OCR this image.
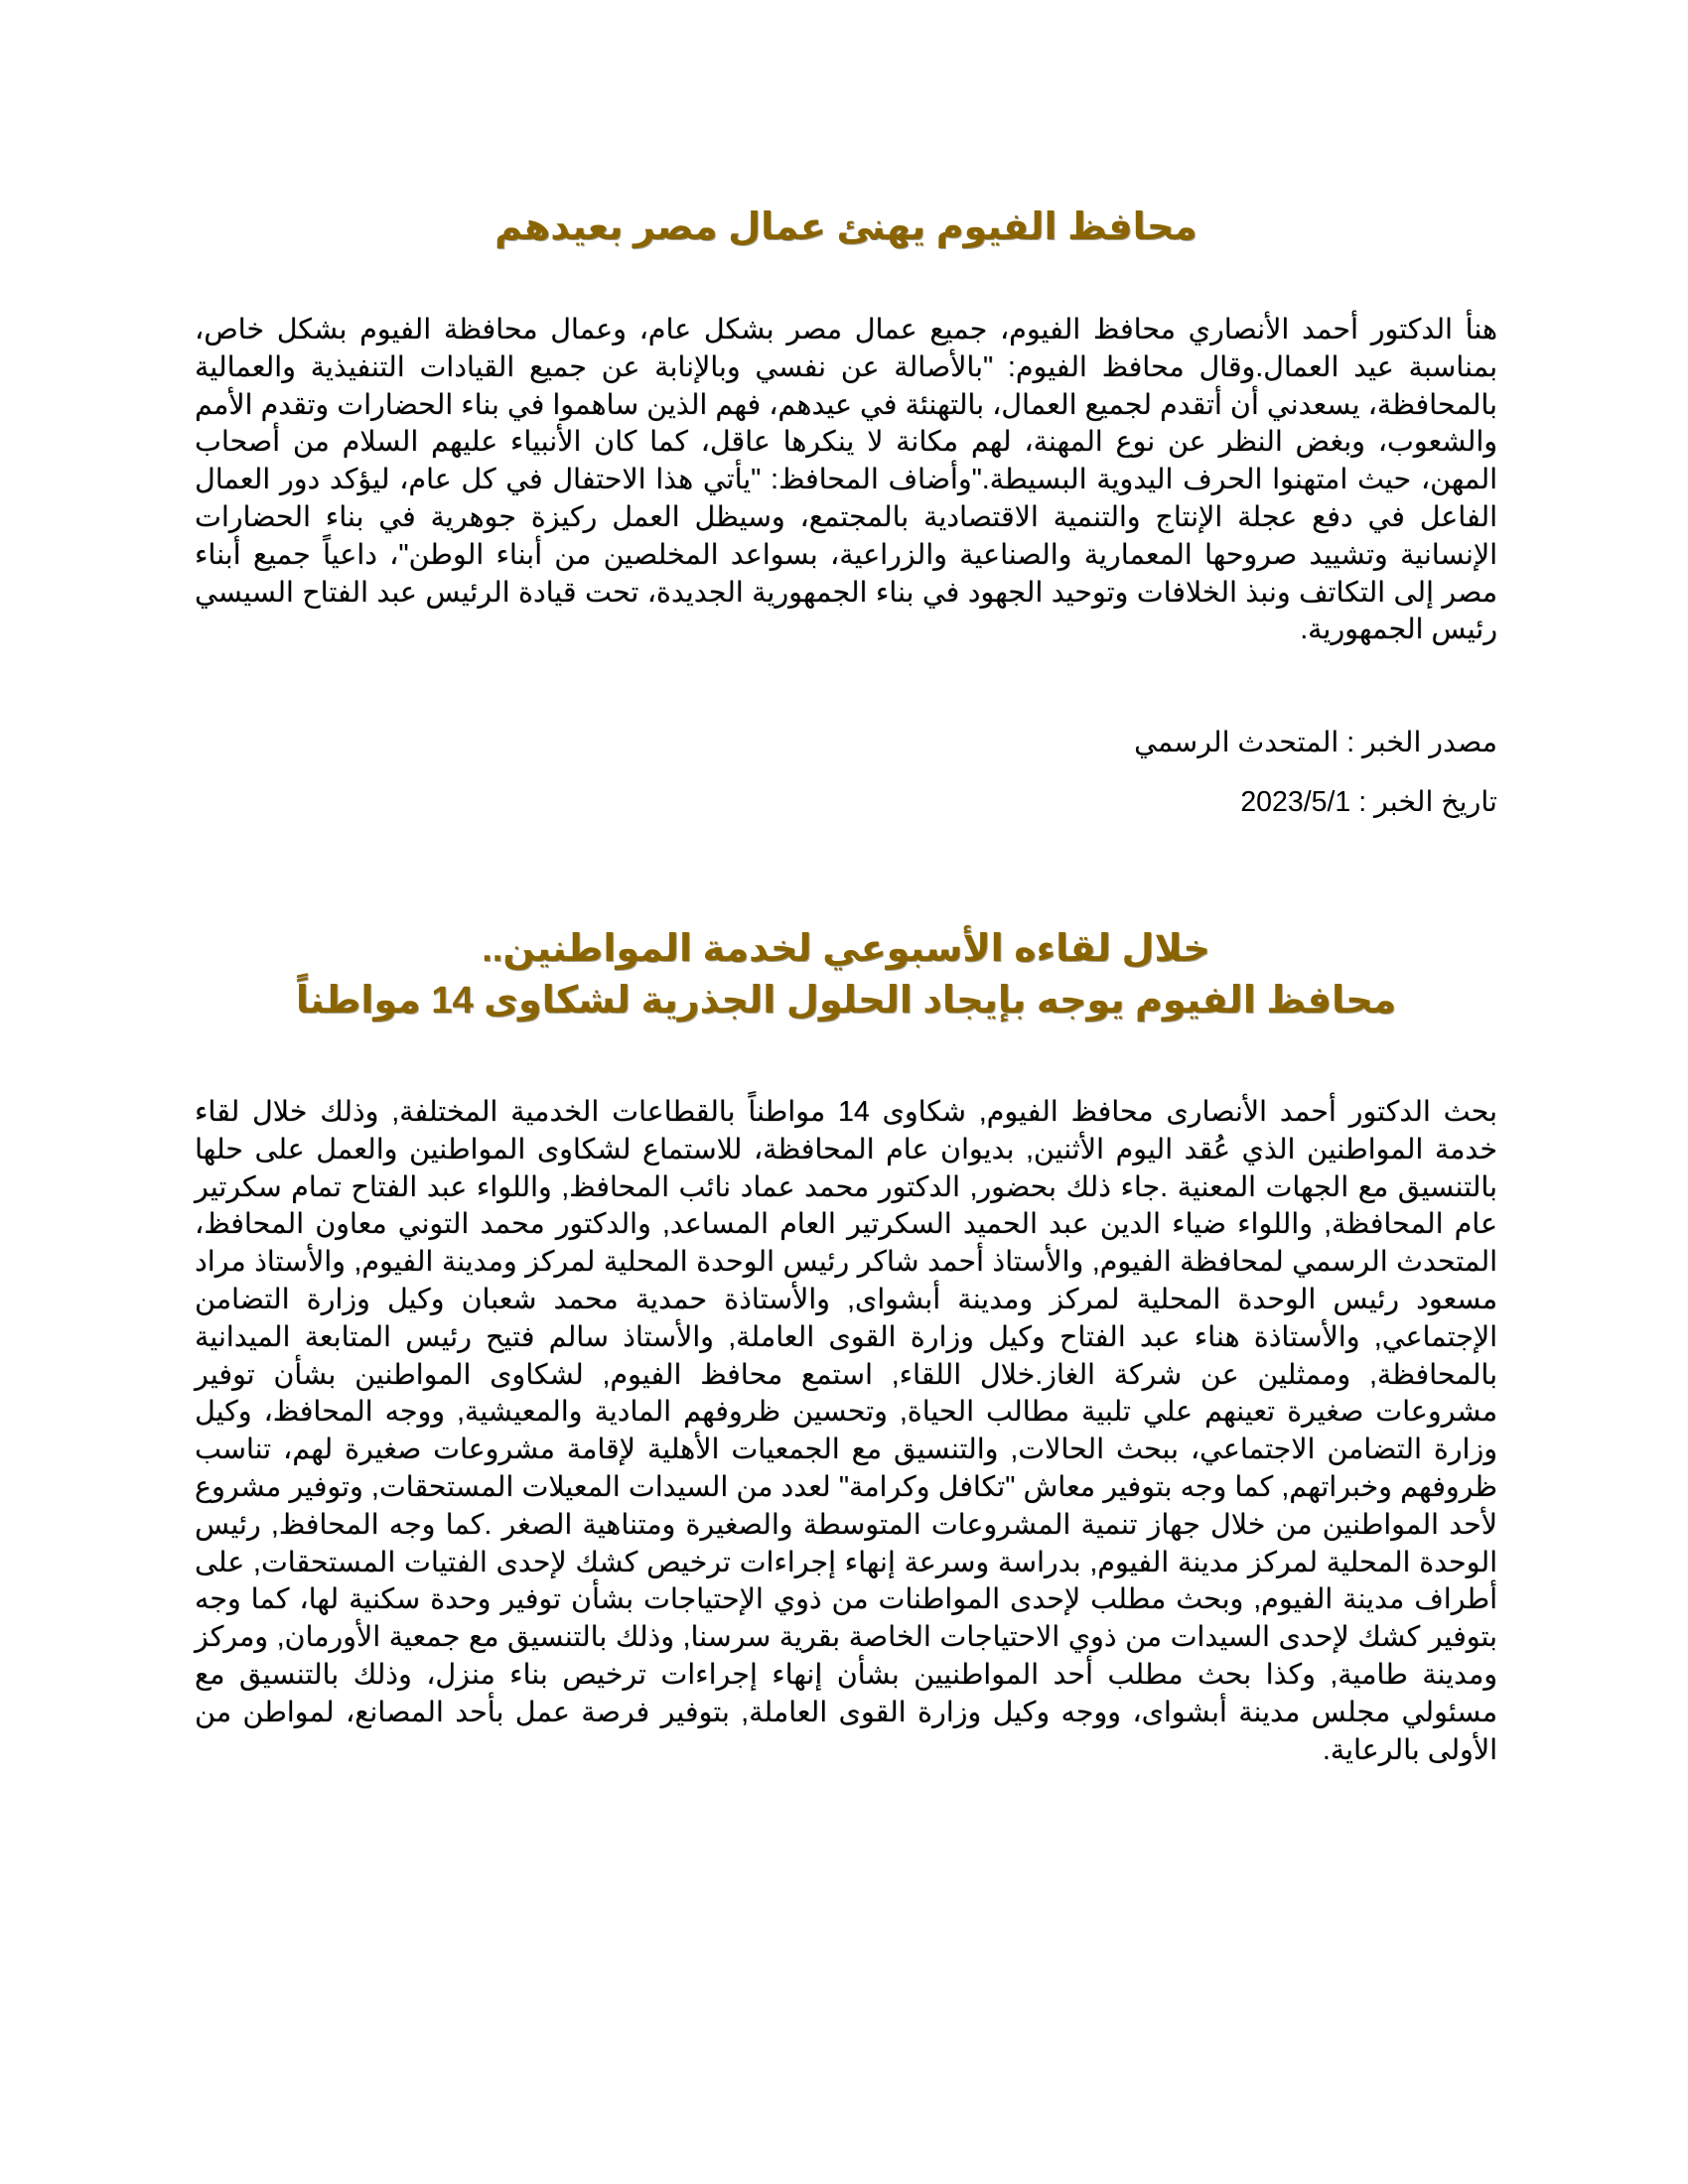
محافظ الفيوم يهنئ عمال مصر بعيدهم

هنأ الدكتور أحمد الأنصاري محافظ الفيوم، جميع عمال مصر بشكل عام، وعمال محافظة الفيوم بشكل خاص، بمناسبة عيد العمال.وقال محافظ الفيوم: "بالأصالة عن نفسي وبالإنابة عن جميع القيادات التنفيذية والعمالية بالمحافظة، يسعدني أن أتقدم لجميع العمال، بالتهنئة في عيدهم، فهم الذين ساهموا في بناء الحضارات وتقدم الأمم والشعوب، وبغض النظر عن نوع المهنة، لهم مكانة لا ينكرها عاقل، كما كان الأنبياء عليهم السلام من أصحاب المهن، حيث امتهنوا الحرف اليدوية البسيطة."وأضاف المحافظ: "يأتي هذا الاحتفال في كل عام، ليؤكد دور العمال الفاعل في دفع عجلة الإنتاج والتنمية الاقتصادية بالمجتمع، وسيظل العمل ركيزة جوهرية في بناء الحضارات الإنسانية وتشييد صروحها المعمارية والصناعية والزراعية، بسواعد المخلصين من أبناء الوطن"، داعياً جميع أبناء مصر إلى التكاتف ونبذ الخلافات وتوحيد الجهود في بناء الجمهورية الجديدة، تحت قيادة الرئيس عبد الفتاح السيسي رئيس الجمهورية.

مصدر الخبر : المتحدث الرسمي

تاريخ الخبر : 2023/5/1

خلال لقاءه الأسبوعي لخدمة المواطنين..
محافظ الفيوم يوجه بإيجاد الحلول الجذرية لشكاوى 14 مواطناً

بحث الدكتور أحمد الأنصارى محافظ الفيوم, شكاوى 14 مواطناً بالقطاعات الخدمية المختلفة, وذلك خلال لقاء خدمة المواطنين الذي عُقد اليوم الأثنين, بديوان عام المحافظة، للاستماع لشكاوى المواطنين والعمل على حلها بالتنسيق مع الجهات المعنية .جاء ذلك بحضور, الدكتور محمد عماد نائب المحافظ, واللواء عبد الفتاح تمام سكرتير عام المحافظة, واللواء ضياء الدين عبد الحميد السكرتير العام المساعد, والدكتور محمد التوني معاون المحافظ، المتحدث الرسمي لمحافظة الفيوم, والأستاذ أحمد شاكر رئيس الوحدة المحلية لمركز ومدينة الفيوم, والأستاذ مراد مسعود رئيس الوحدة المحلية لمركز ومدينة أبشواى, والأستاذة حمدية محمد شعبان وكيل وزارة التضامن الإجتماعي, والأستاذة هناء عبد الفتاح وكيل وزارة القوى العاملة, والأستاذ سالم فتيح رئيس المتابعة الميدانية بالمحافظة, وممثلين عن شركة الغاز.خلال اللقاء, استمع محافظ الفيوم, لشكاوى المواطنين بشأن توفير مشروعات صغيرة تعينهم علي تلبية مطالب الحياة, وتحسين ظروفهم المادية والمعيشية, ووجه المحافظ، وكيل وزارة التضامن الاجتماعي، ببحث الحالات, والتنسيق مع الجمعيات الأهلية لإقامة مشروعات صغيرة لهم، تناسب ظروفهم وخبراتهم, كما وجه بتوفير معاش "تكافل وكرامة" لعدد من السيدات المعيلات المستحقات, وتوفير مشروع لأحد المواطنين من خلال جهاز تنمية المشروعات المتوسطة والصغيرة ومتناهية الصغر .كما وجه المحافظ, رئيس الوحدة المحلية لمركز مدينة الفيوم, بدراسة وسرعة إنهاء إجراءات ترخيص كشك لإحدى الفتيات المستحقات, على أطراف مدينة الفيوم, وبحث مطلب لإحدى المواطنات من ذوي الإحتياجات بشأن توفير وحدة سكنية لها، كما وجه بتوفير كشك لإحدى السيدات من ذوي الاحتياجات الخاصة بقرية سرسنا, وذلك بالتنسيق مع جمعية الأورمان, ومركز ومدينة طامية, وكذا بحث مطلب أحد المواطنيين بشأن إنهاء إجراءات ترخيص بناء منزل، وذلك بالتنسيق مع مسئولي مجلس مدينة أبشواى، ووجه وكيل وزارة القوى العاملة, بتوفير فرصة عمل بأحد المصانع، لمواطن من الأولى بالرعاية.
